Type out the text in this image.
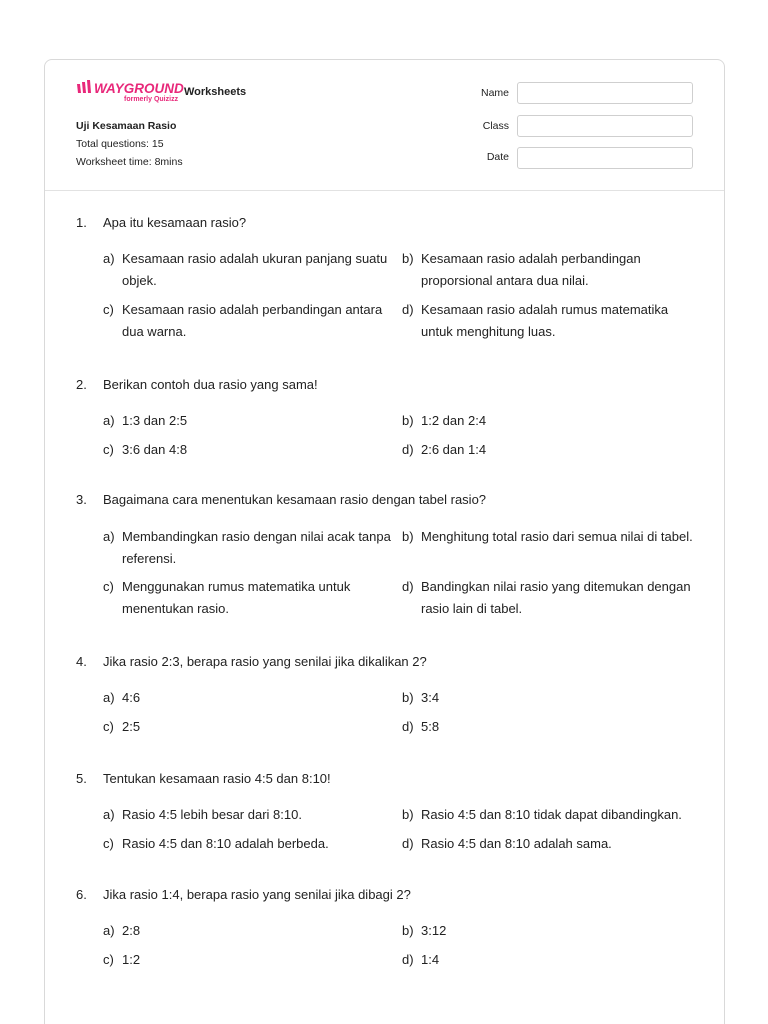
WAYGROUND
formerly Quizizz
Worksheets
Uji Kesamaan Rasio
Total questions: 15
Worksheet time: 8mins
Name
Class
Date
1. Apa itu kesamaan rasio?
a) Kesamaan rasio adalah ukuran panjang suatu objek.
b) Kesamaan rasio adalah perbandingan proporsional antara dua nilai.
c) Kesamaan rasio adalah perbandingan antara dua warna.
d) Kesamaan rasio adalah rumus matematika untuk menghitung luas.
2. Berikan contoh dua rasio yang sama!
a) 1:3 dan 2:5	b) 1:2 dan 2:4
c) 3:6 dan 4:8	d) 2:6 dan 1:4
3. Bagaimana cara menentukan kesamaan rasio dengan tabel rasio?
a) Membandingkan rasio dengan nilai acak tanpa referensi.
b) Menghitung total rasio dari semua nilai di tabel.
c) Menggunakan rumus matematika untuk menentukan rasio.
d) Bandingkan nilai rasio yang ditemukan dengan rasio lain di tabel.
4. Jika rasio 2:3, berapa rasio yang senilai jika dikalikan 2?
a) 4:6	b) 3:4
c) 2:5	d) 5:8
5. Tentukan kesamaan rasio 4:5 dan 8:10!
a) Rasio 4:5 lebih besar dari 8:10.	b) Rasio 4:5 dan 8:10 tidak dapat dibandingkan.
c) Rasio 4:5 dan 8:10 adalah berbeda.	d) Rasio 4:5 dan 8:10 adalah sama.
6. Jika rasio 1:4, berapa rasio yang senilai jika dibagi 2?
a) 2:8	b) 3:12
c) 1:2	d) 1:4
